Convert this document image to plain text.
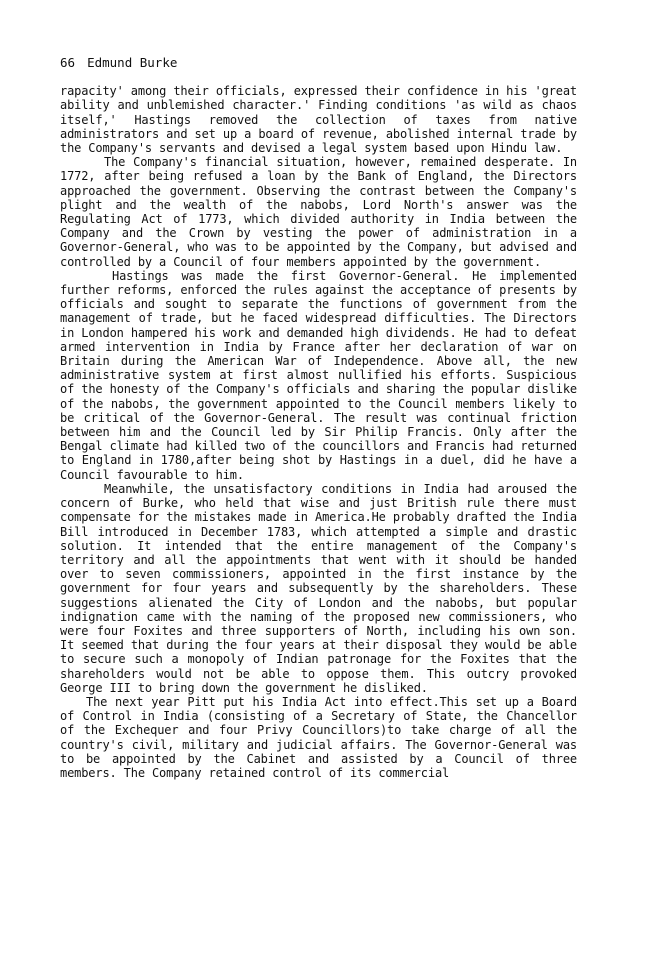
66 Edmund Burke

rapacity' among their officials, expressed their confidence in his 'great ability and unblemished character.' Finding conditions 'as wild as chaos itself,' Hastings removed the collection of taxes from native administrators and set up a board of revenue, abolished internal trade by the Company's servants and devised a legal system based upon Hindu law.

The Company's financial situation, however, remained desperate. In 1772, after being refused a loan by the Bank of England, the Directors approached the government. Observing the contrast between the Company's plight and the wealth of the nabobs, Lord North's answer was the Regulating Act of 1773, which divided authority in India between the Company and the Crown by vesting the power of administration in a Governor-General, who was to be appointed by the Company, but advised and controlled by a Council of four members appointed by the government.

Hastings was made the first Governor-General. He implemented further reforms, enforced the rules against the acceptance of presents by officials and sought to separate the functions of government from the management of trade, but he faced widespread difficulties. The Directors in London hampered his work and demanded high dividends. He had to defeat armed intervention in India by France after her declaration of war on Britain during the American War of Independence. Above all, the new administrative system at first almost nullified his efforts. Suspicious of the honesty of the Company's officials and sharing the popular dislike of the nabobs, the government appointed to the Council members likely to be critical of the Governor-General. The result was continual friction between him and the Council led by Sir Philip Francis. Only after the Bengal climate had killed two of the councillors and Francis had returned to England in 1780,after being shot by Hastings in a duel, did he have a Council favourable to him.

Meanwhile, the unsatisfactory conditions in India had aroused the concern of Burke, who held that wise and just British rule there must compensate for the mistakes made in America.He probably drafted the India Bill introduced in December 1783, which attempted a simple and drastic solution. It intended that the entire management of the Company's territory and all the appointments that went with it should be handed over to seven commissioners, appointed in the first instance by the government for four years and subsequently by the shareholders. These suggestions alienated the City of London and the nabobs, but popular indignation came with the naming of the proposed new commissioners, who were four Foxites and three supporters of North, including his own son. It seemed that during the four years at their disposal they would be able to secure such a monopoly of Indian patronage for the Foxites that the shareholders would not be able to oppose them. This outcry provoked George III to bring down the government he disliked.

The next year Pitt put his India Act into effect.This set up a Board of Control in India (consisting of a Secretary of State, the Chancellor of the Exchequer and four Privy Councillors)to take charge of all the country's civil, military and judicial affairs. The Governor-General was to be appointed by the Cabinet and assisted by a Council of three members. The Company retained control of its commercial
